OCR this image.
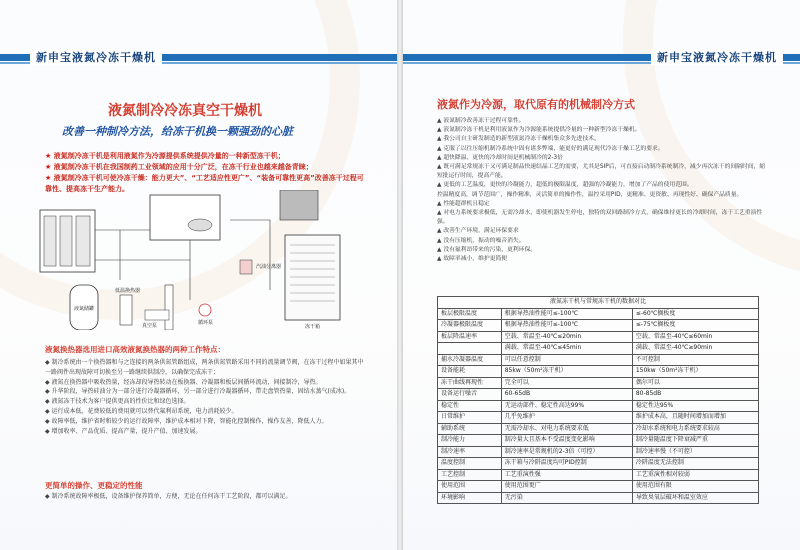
新申宝液氮冷冻干燥机
液氮制冷冷冻真空干燥机
改善一种制冷方法，给冻干机换一颗强劲的心脏
★ 液氮制冷冻干机是利用液氮作为冷源提供系统提供冷量的一种新型冻干机；
★ 液氮制冷冻干机在我国制药工业领域的应用十分广泛，在冻干行业也越来越备青睐；
★ 液氮制冷冻干机可使冷冻干燥：能力更大”、“工艺适应性更广”、“装备可靠性更高”改善冻干过程可靠性、提高冻干生产能力。
液氮储罐
低温换热器
汽油分离器
循环泵
真空泵	冻干箱
液氮换热器选用进口高效液氮换热器的两种工作特点：

◆ 制冷系统由一个换热器和与之连接的两条供氮管路组成，两条供氮管路采用不同的流量调节阀，在冻干过程中如果其中一路阀件出现故障可切换至另一路继续供制冷，以确保完成冻干；

◆ 液氮在换热器中吸收热量，经冻却段导热转动在板换器、冷凝器和板层间循环流动，间接制冷，导热。

◆ 升华阶段，导热硅油分为一部分进行冷凝器循环，另一部分进行冷凝器循环，带走盘管热量，固结水蒸气(成冰)。

◆ 液氮冻干技术为客户提供更高的性价比和绿色选择。

◆ 运行成本低、花费较低的费用就可以替代氟利昂系统，电力消耗较少。

◆ 故障率低，维护省时和较少的运行故障率，维护成本相对下降，智能化控制操作，操作友善，降低人力。

◆ 增加收率、产品优质、提高产量，提升产值、加速发展。

更简单的操作、更稳定的性能
◆ 制冷系统故障率极低，设备维护保养简单，方便，无论在任何冻干工艺阶段，都可以满足。
新申宝液氮冷冻干燥机
液氮作为冷源，取代原有的机械制冷方式

▲ 液氮制冷改善冻干过程可靠性。

▲ 液氮制冷冻干机是利用液氮作为冷源能系统提供冷量的一种新型冷冻干燥机。

▲ 我公司自主研发制造的新型液氮冷冻干燥机集众多先进技术。

▲ 克服了以往压缩机制冷系统中固有诸多弊端，能更好的满足现代冷冻干燥工艺的要求。

▲ 超快降温、更快的冷却时间是机械制冷的2-3倍

▲ 既可满足常规冻干又可满足制品快速结晶工艺的需要，尤其是SIP后，可直接启动制冷系统制冷，减少再次冻干的间隔时间，缩短批运行时间，提高产能。

▲ 更低的工艺温度，更快的冷凝能力，超低的极限温度，超强的冷凝能力，增加了产品的使用范围。

控温精度高，调节范围广，操作精准，灵活简单的操作性，温控采用PID，更精准、更资敏、再现性好、确保产品质量。

▲ 性能超群机且稳定

▲ 对电力系统要求极低，无需冷却水，即使机器发生停电，独特的双回路制冷方式，确保维持更长的冷却时间，冻干工艺重演性强。

▲ 改善生产环境，满足环保要求

▲ 没有压缩机，振动的噪音消失。

▲ 没有氟利昂带来的污染，更利环保。

▲ 故障率减小，维护更简便

液氮冻干机与常规冻干机的数据对比		
板层极限温度	根据导热油性能可≤-100℃	≤-60℃搁板度
冷凝器极限温度	根据导热油性能可≤-100℃	≤-75℃搁板度
板层降温速率	空载、常温至-40℃≤20min	空载、常温至-40℃≤60min
	满载、常温至-40℃≤45min	满载、常温至-40℃≥90min
捕水冷凝器温度	可以任意控制	不可控制
设备能耗	85kw（50m²冻干机）	150kw（50m²冻干机）
冻干曲线再现性	完全可以	偶尔可以
设备运行噪音	60-65dB	80-85dB
稳定性	无运动部件、稳定性高达99%	稳定性达95%
日常维护	几乎免维护	维护成本高，且随时间增加而增加
辅助系统	无需冷却水、对电力系统要求低	冷却水系统和电力系统要求较高
制冷能力	制冷量大且基本不受温度变化影响	制冷量随温度下降衰减严重
制冷速率	制冷速率是常规机的2-3倍（可控）	制冷速率慢（不可控）
温度控制	冻干箱与冷阱温度均可PID控制	冷阱温度无法控制
工艺控制	工艺重演性强	工艺重演性相对较弱
使用范围	使用范围更广	使用范围有限
环境影响	无污染	导致臭氧层破坏和温室效应
